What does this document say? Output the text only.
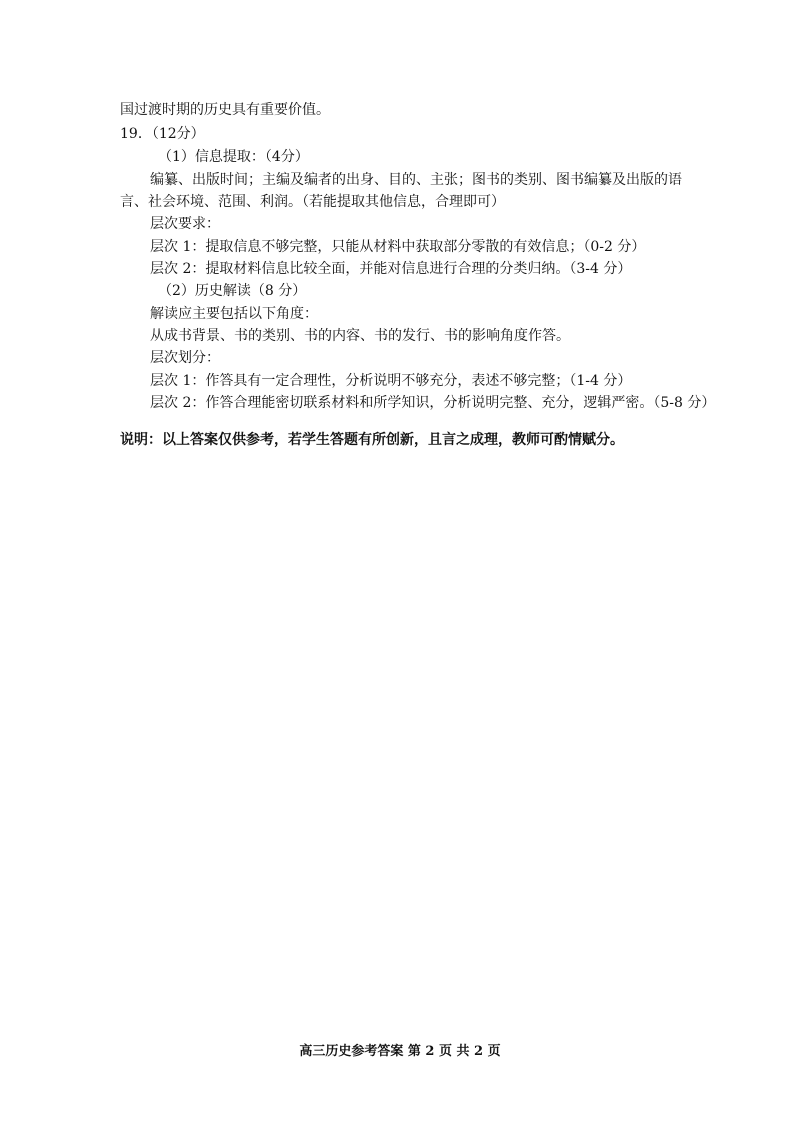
国过渡时期的历史具有重要价值。

19．（12分）

（1）信息提取：（4分）

编纂、出版时间；主编及编者的出身、目的、主张；图书的类别、图书编纂及出版的语

言、社会环境、范围、利润。（若能提取其他信息，合理即可）

层次要求：

层次 1：提取信息不够完整，只能从材料中获取部分零散的有效信息；（0-2 分）

层次 2：提取材料信息比较全面，并能对信息进行合理的分类归纳。（3-4 分）

（2）历史解读（8 分）

解读应主要包括以下角度：

从成书背景、书的类别、书的内容、书的发行、书的影响角度作答。

层次划分：

层次 1：作答具有一定合理性，分析说明不够充分，表述不够完整；（1-4 分）

层次 2：作答合理能密切联系材料和所学知识，分析说明完整、充分，逻辑严密。（5-8 分）

说明：以上答案仅供参考，若学生答题有所创新，且言之成理，教师可酌情赋分。

高三历史参考答案 第 2 页 共 2 页
